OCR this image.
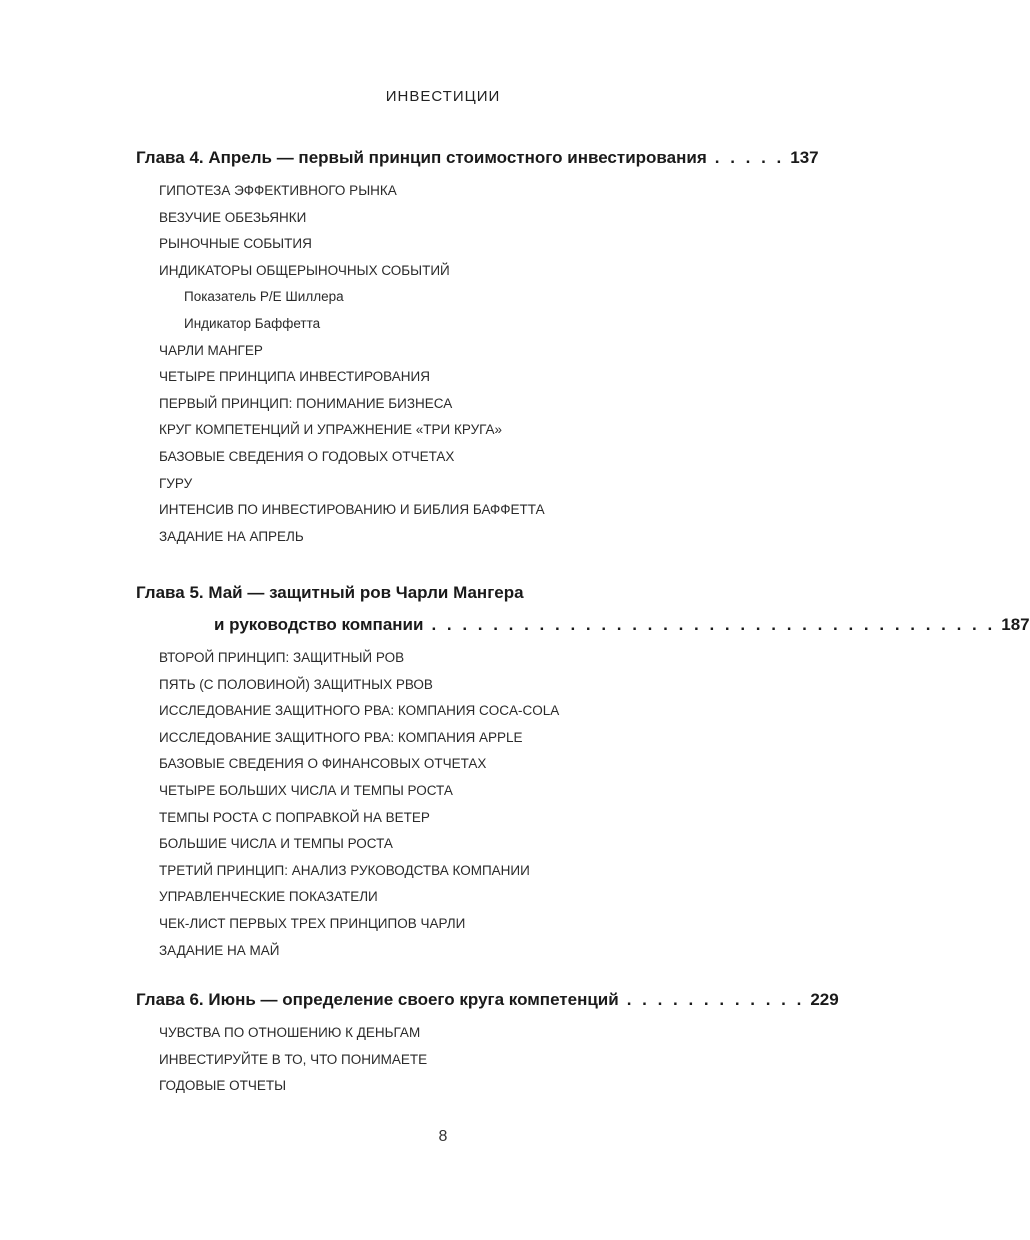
ИНВЕСТИЦИИ
Глава 4. Апрель — первый принцип стоимостного инвестирования . . . . . 137
ГИПОТЕЗА ЭФФЕКТИВНОГО РЫНКА
ВЕЗУЧИЕ ОБЕЗЬЯНКИ
РЫНОЧНЫЕ СОБЫТИЯ
ИНДИКАТОРЫ ОБЩЕРЫНОЧНЫХ СОБЫТИЙ
Показатель P/E Шиллера
Индикатор Баффетта
ЧАРЛИ МАНГЕР
ЧЕТЫРЕ ПРИНЦИПА ИНВЕСТИРОВАНИЯ
ПЕРВЫЙ ПРИНЦИП: ПОНИМАНИЕ БИЗНЕСА
КРУГ КОМПЕТЕНЦИЙ И УПРАЖНЕНИЕ «ТРИ КРУГА»
БАЗОВЫЕ СВЕДЕНИЯ О ГОДОВЫХ ОТЧЕТАХ
ГУРУ
ИНТЕНСИВ ПО ИНВЕСТИРОВАНИЮ И БИБЛИЯ БАФФЕТТА
ЗАДАНИЕ НА АПРЕЛЬ
Глава 5. Май — защитный ров Чарли Мангера
и руководство компании . . . . . . . . . . . . . . . . . . . . . . . . . . . . . . . . . . . . . 187
ВТОРОЙ ПРИНЦИП: ЗАЩИТНЫЙ РОВ
ПЯТЬ (С ПОЛОВИНОЙ) ЗАЩИТНЫХ РВОВ
ИССЛЕДОВАНИЕ ЗАЩИТНОГО РВА: КОМПАНИЯ COCA-COLA
ИССЛЕДОВАНИЕ ЗАЩИТНОГО РВА: КОМПАНИЯ APPLE
БАЗОВЫЕ СВЕДЕНИЯ О ФИНАНСОВЫХ ОТЧЕТАХ
ЧЕТЫРЕ БОЛЬШИХ ЧИСЛА И ТЕМПЫ РОСТА
ТЕМПЫ РОСТА С ПОПРАВКОЙ НА ВЕТЕР
БОЛЬШИЕ ЧИСЛА И ТЕМПЫ РОСТА
ТРЕТИЙ ПРИНЦИП: АНАЛИЗ РУКОВОДСТВА КОМПАНИИ
УПРАВЛЕНЧЕСКИЕ ПОКАЗАТЕЛИ
ЧЕК-ЛИСТ ПЕРВЫХ ТРЕХ ПРИНЦИПОВ ЧАРЛИ
ЗАДАНИЕ НА МАЙ
Глава 6. Июнь — определение своего круга компетенций . . . . . . . . . . . . 229
ЧУВСТВА ПО ОТНОШЕНИЮ К ДЕНЬГАМ
ИНВЕСТИРУЙТЕ В ТО, ЧТО ПОНИМАЕТЕ
ГОДОВЫЕ ОТЧЕТЫ
8
